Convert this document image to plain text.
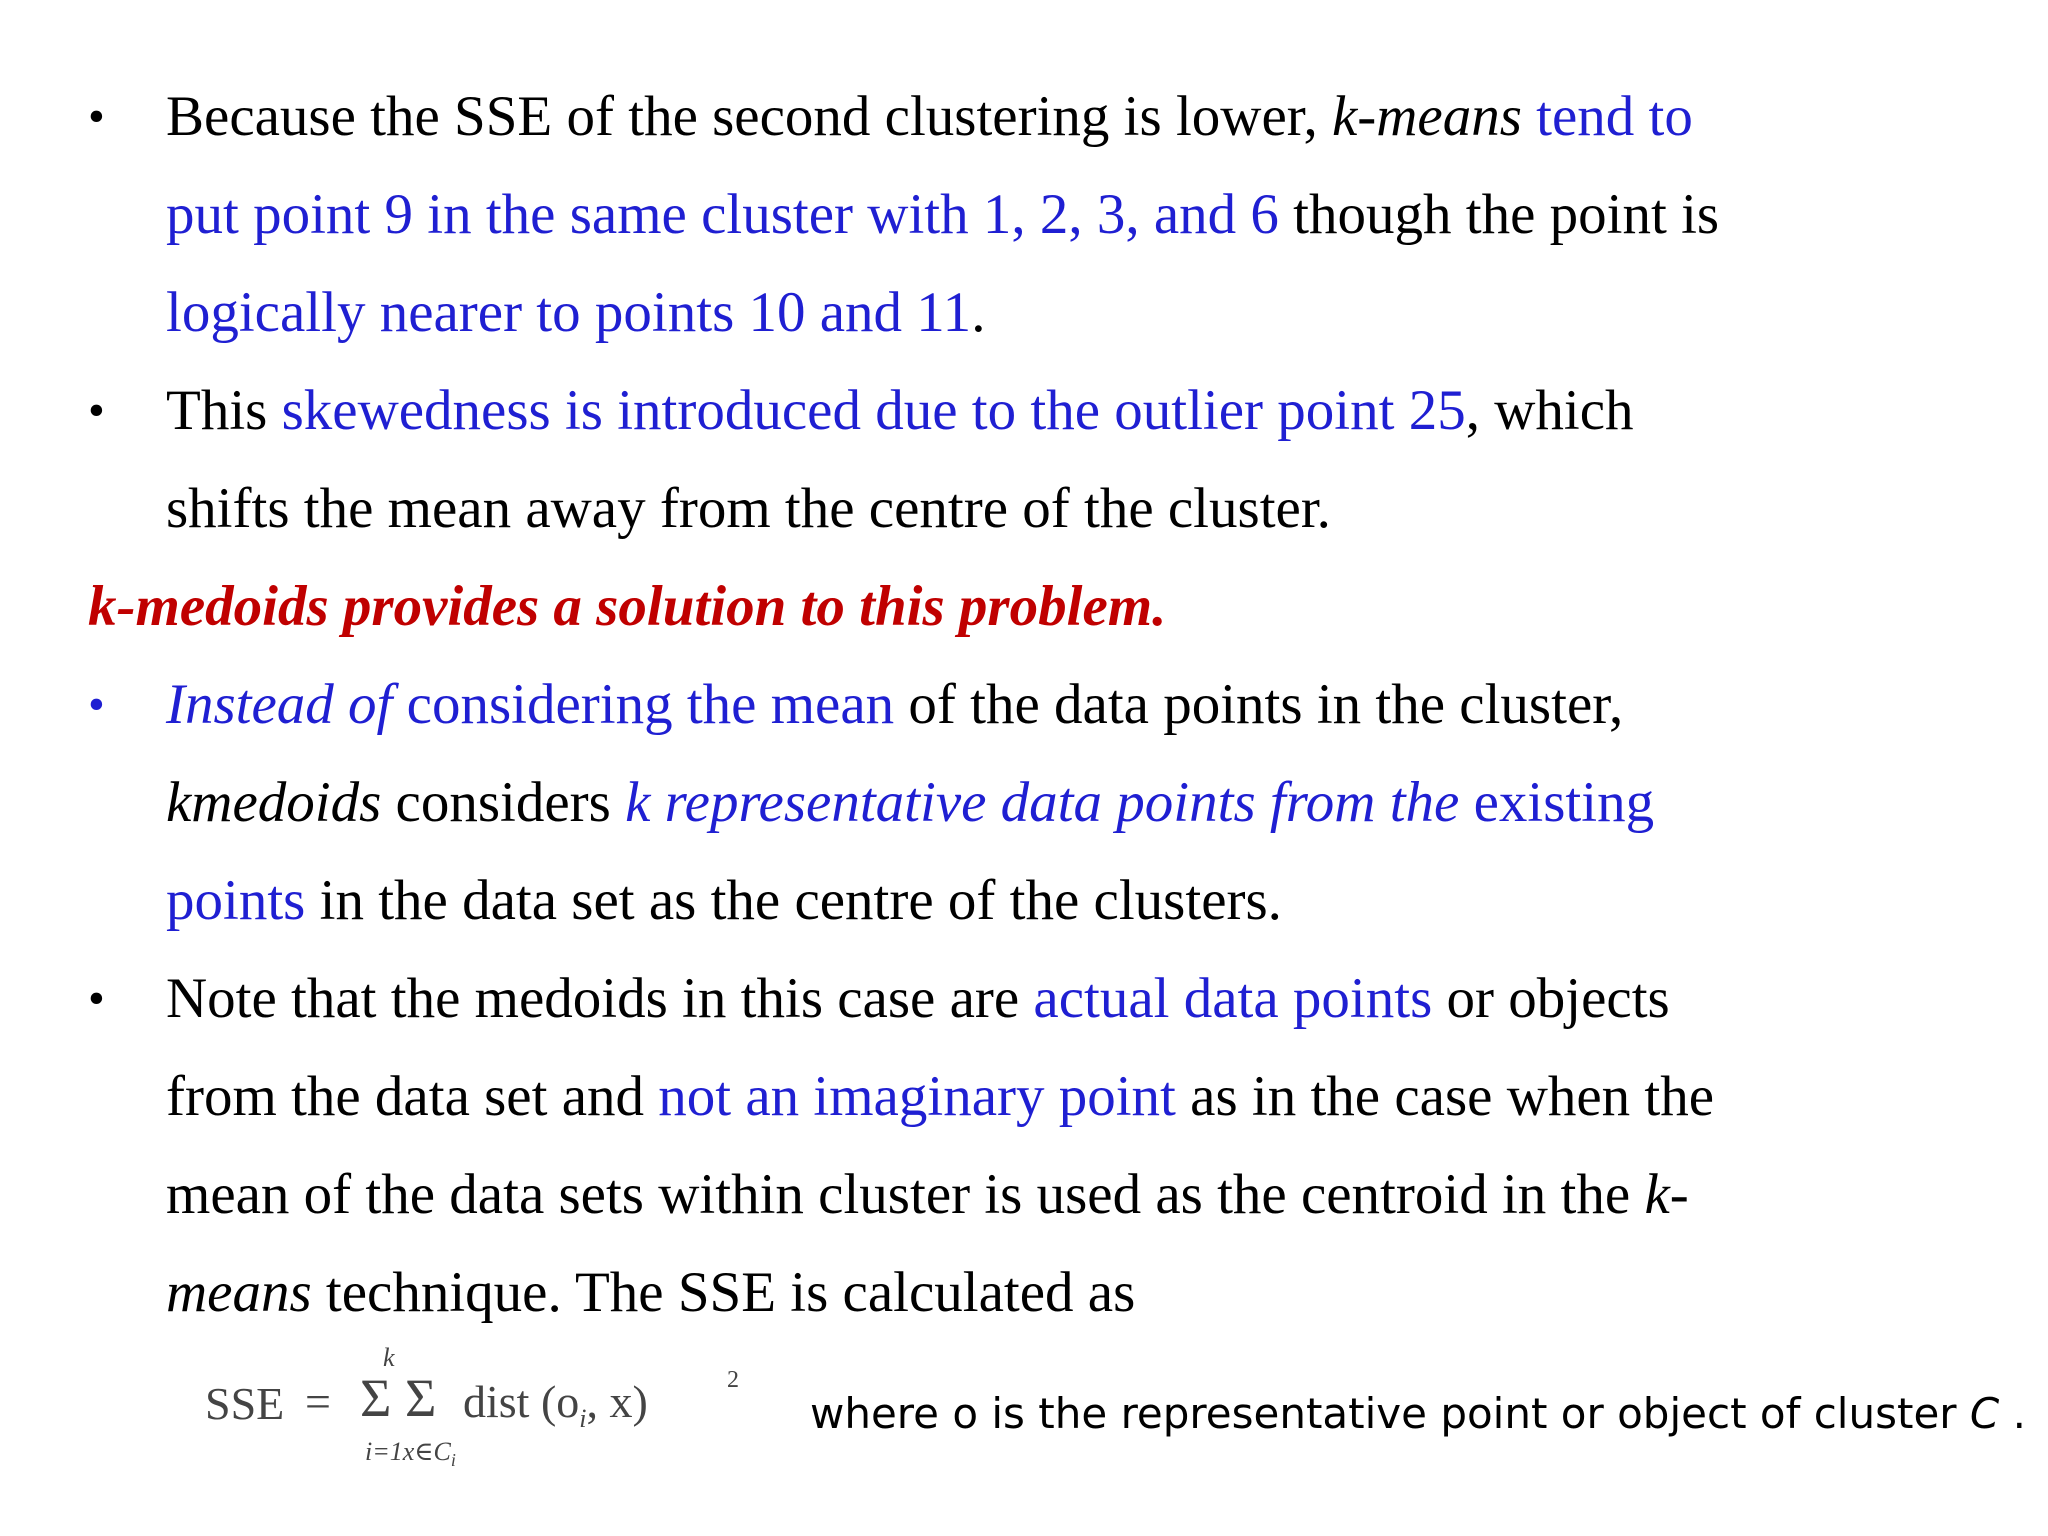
• Because the SSE of the second clustering is lower, k-means tend to
put point 9 in the same cluster with 1, 2, 3, and 6 though the point is
logically nearer to points 10 and 11.
• This skewedness is introduced due to the outlier point 25, which
shifts the mean away from the centre of the cluster.
k-medoids provides a solution to this problem.
• Instead of considering the mean of the data points in the cluster,
kmedoids considers k representative data points from the existing
points in the data set as the centre of the clusters.
• Note that the medoids in this case are actual data points or objects
from the data set and not an imaginary point as in the case when the
mean of the data sets within cluster is used as the centroid in the k-
means technique. The SSE is calculated as
SSE =
k
Σ Σ
$i=1x\in C_i$
dist ($o_i$, x)	2
where o is the representative point or object of cluster C .
